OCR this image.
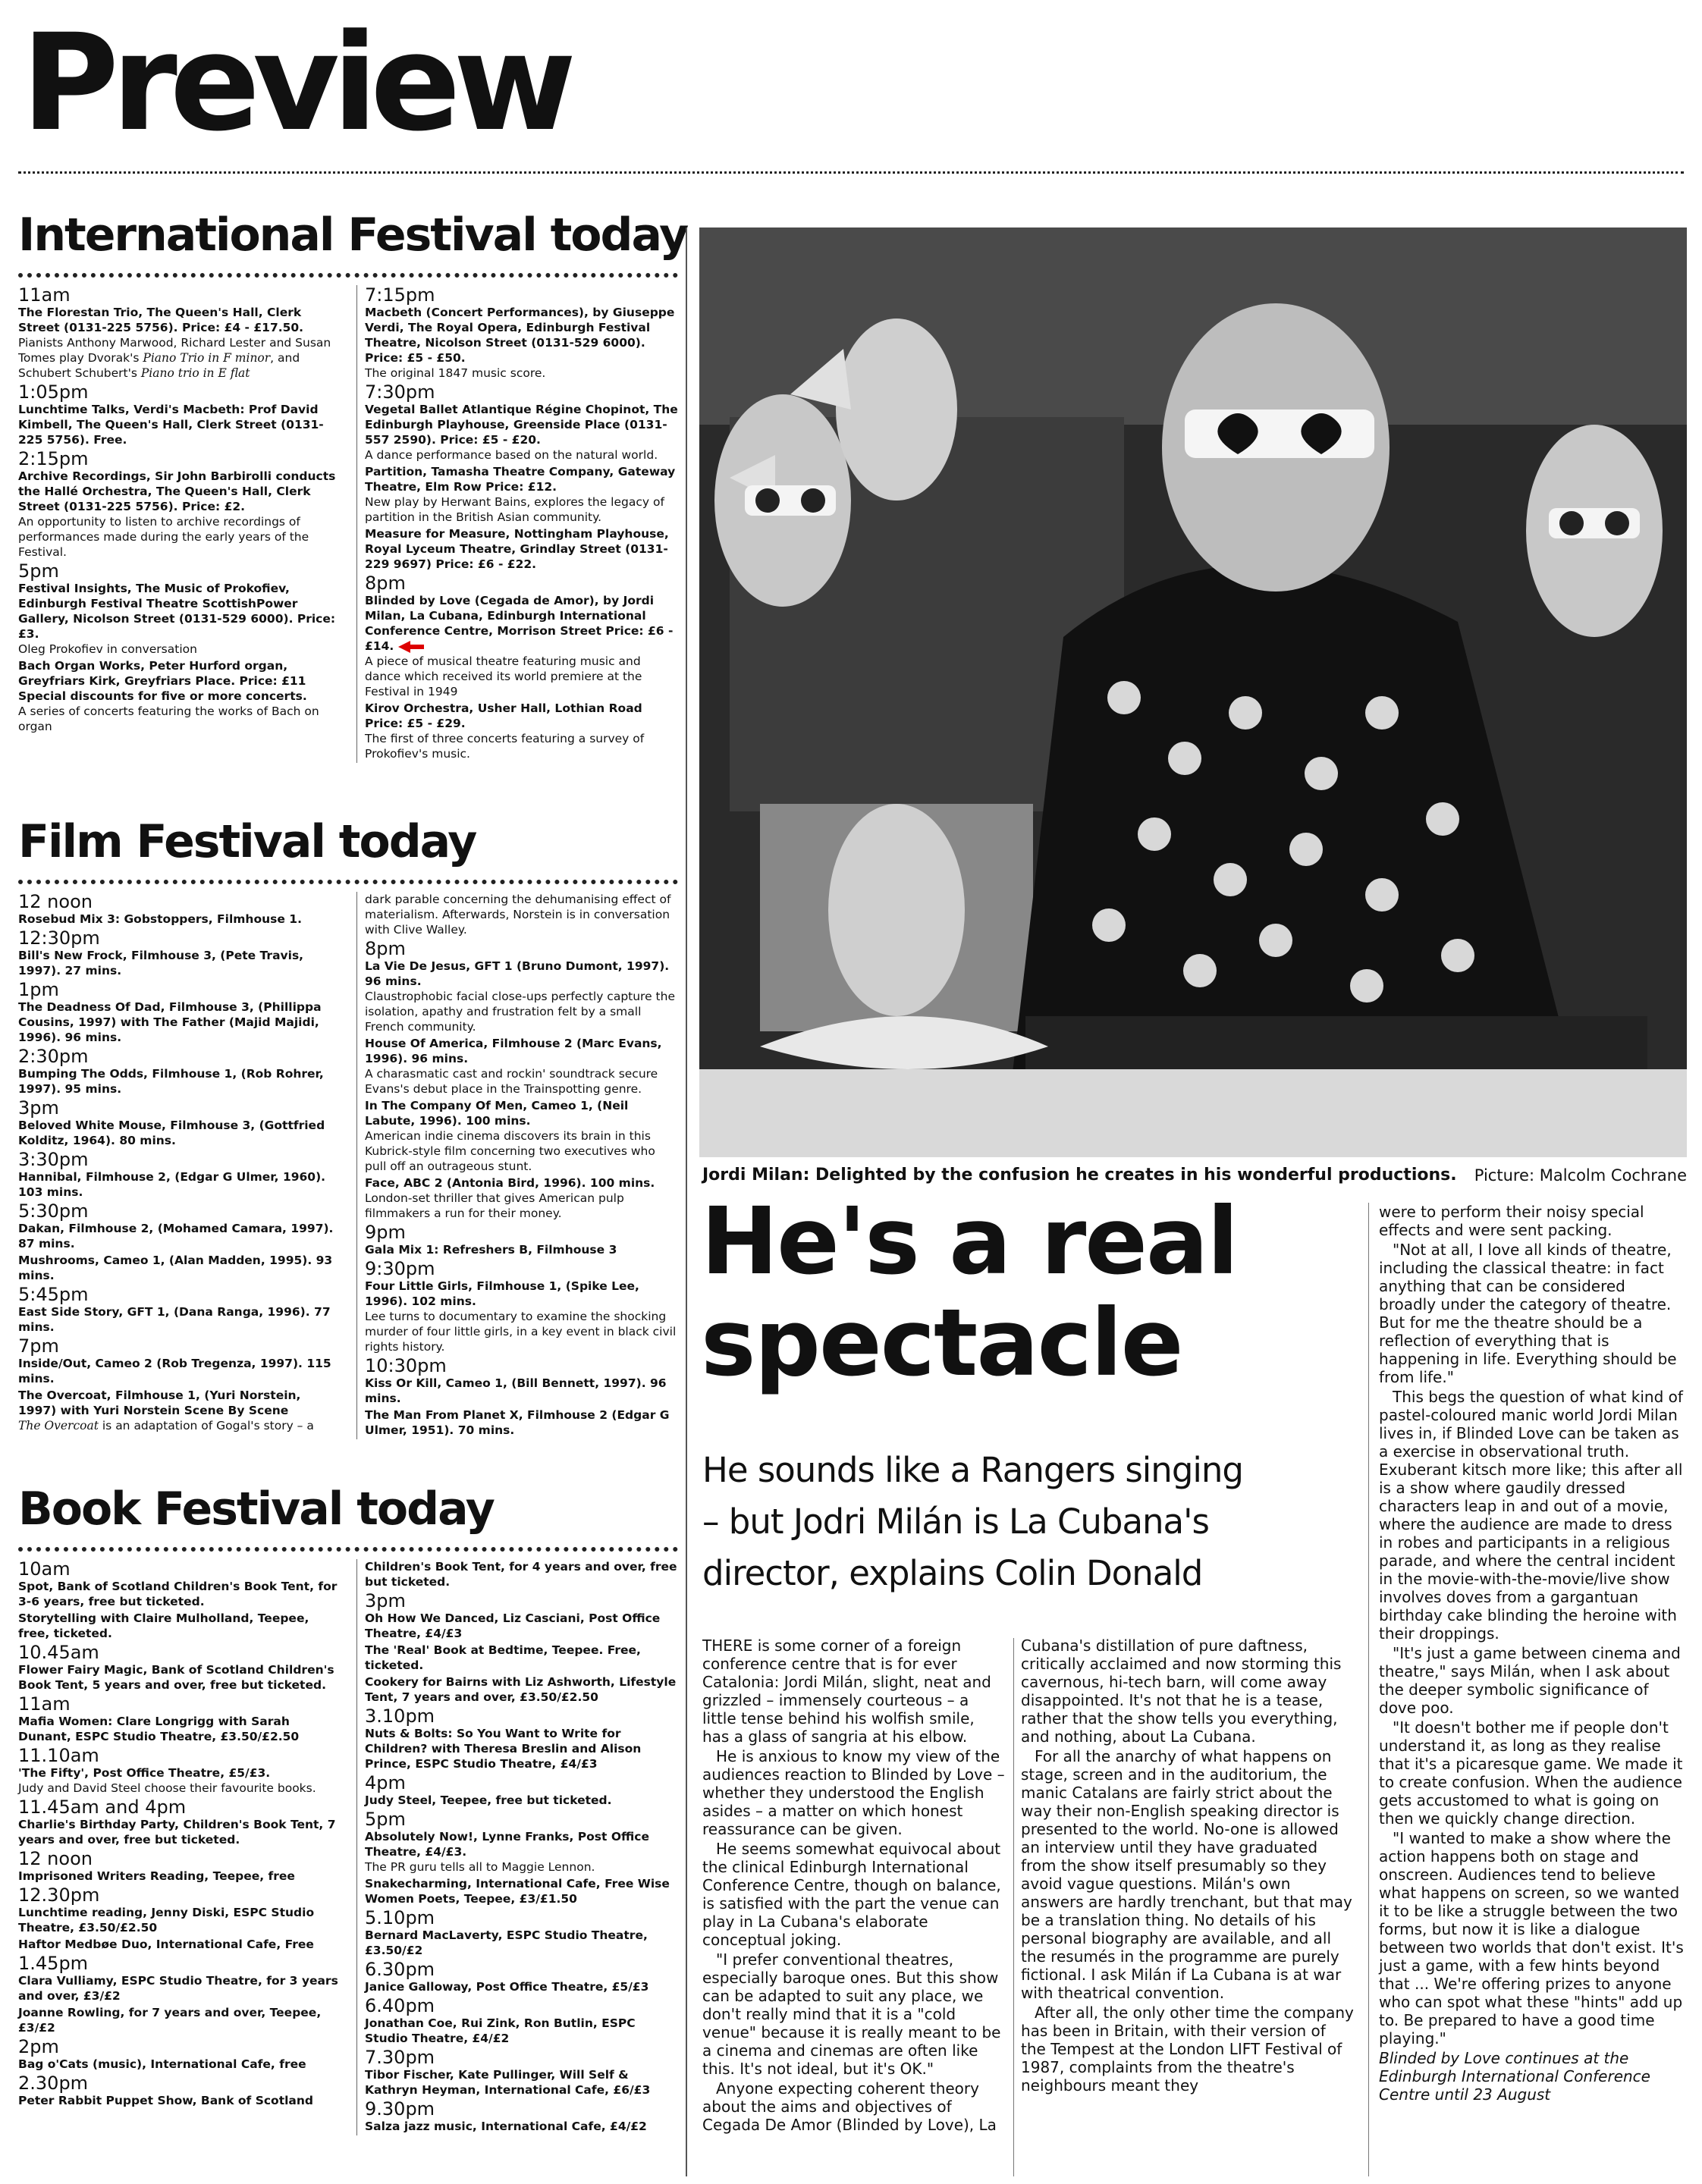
Preview
International Festival today
11am
The Florestan Trio, The Queen's Hall, Clerk Street (0131-225 5756). Price: £4 - £17.50.
Pianists Anthony Marwood, Richard Lester and Susan Tomes play Dvorak's Piano Trio in F minor, and Schubert Schubert's Piano trio in E flat
1:05pm
Lunchtime Talks, Verdi's Macbeth: Prof David Kimbell, The Queen's Hall, Clerk Street (0131-225 5756). Free.
2:15pm
Archive Recordings, Sir John Barbirolli conducts the Hallé Orchestra, The Queen's Hall, Clerk Street (0131-225 5756). Price: £2.
An opportunity to listen to archive recordings of performances made during the early years of the Festival.
5pm
Festival Insights, The Music of Prokofiev, Edinburgh Festival Theatre ScottishPower Gallery, Nicolson Street (0131-529 6000). Price: £3.
Oleg Prokofiev in conversation
Bach Organ Works, Peter Hurford organ, Greyfriars Kirk, Greyfriars Place. Price: £11 Special discounts for five or more concerts.
A series of concerts featuring the works of Bach on organ
7:15pm
Macbeth (Concert Performances), by Giuseppe Verdi, The Royal Opera, Edinburgh Festival Theatre, Nicolson Street (0131-529 6000). Price: £5 - £50.
The original 1847 music score.
7:30pm
Vegetal Ballet Atlantique Régine Chopinot, The Edinburgh Playhouse, Greenside Place (0131-557 2590). Price: £5 - £20.
A dance performance based on the natural world.
Partition, Tamasha Theatre Company, Gateway Theatre, Elm Row Price: £12.
New play by Herwant Bains, explores the legacy of partition in the British Asian community.
Measure for Measure, Nottingham Playhouse, Royal Lyceum Theatre, Grindlay Street (0131-229 9697) Price: £6 - £22.
8pm
Blinded by Love (Cegada de Amor), by Jordi Milan, La Cubana, Edinburgh International Conference Centre, Morrison Street Price: £6 - £14.
A piece of musical theatre featuring music and dance which received its world premiere at the Festival in 1949
Kirov Orchestra, Usher Hall, Lothian Road Price: £5 - £29.
The first of three concerts featuring a survey of Prokofiev's music.
Film Festival today
12 noon
Rosebud Mix 3: Gobstoppers, Filmhouse 1.
12:30pm
Bill's New Frock, Filmhouse 3, (Pete Travis, 1997). 27 mins.
1pm
The Deadness Of Dad, Filmhouse 3, (Phillippa Cousins, 1997) with The Father (Majid Majidi, 1996). 96 mins.
2:30pm
Bumping The Odds, Filmhouse 1, (Rob Rohrer, 1997). 95 mins.
3pm
Beloved White Mouse, Filmhouse 3, (Gottfried Kolditz, 1964). 80 mins.
3:30pm
Hannibal, Filmhouse 2, (Edgar G Ulmer, 1960). 103 mins.
5:30pm
Dakan, Filmhouse 2, (Mohamed Camara, 1997). 87 mins.
Mushrooms, Cameo 1, (Alan Madden, 1995). 93 mins.
5:45pm
East Side Story, GFT 1, (Dana Ranga, 1996). 77 mins.
7pm
Inside/Out, Cameo 2 (Rob Tregenza, 1997). 115 mins.
The Overcoat, Filmhouse 1, (Yuri Norstein, 1997) with Yuri Norstein Scene By Scene
The Overcoat is an adaptation of Gogal's story – a
dark parable concerning the dehumanising effect of materialism. Afterwards, Norstein is in conversation with Clive Walley.
8pm
La Vie De Jesus, GFT 1 (Bruno Dumont, 1997). 96 mins.
Claustrophobic facial close-ups perfectly capture the isolation, apathy and frustration felt by a small French community.
House Of America, Filmhouse 2 (Marc Evans, 1996). 96 mins.
A charasmatic cast and rockin' soundtrack secure Evans's debut place in the Trainspotting genre.
In The Company Of Men, Cameo 1, (Neil Labute, 1996). 100 mins.
American indie cinema discovers its brain in this Kubrick-style film concerning two executives who pull off an outrageous stunt.
Face, ABC 2 (Antonia Bird, 1996). 100 mins.
London-set thriller that gives American pulp filmmakers a run for their money.
9pm
Gala Mix 1: Refreshers B, Filmhouse 3
9:30pm
Four Little Girls, Filmhouse 1, (Spike Lee, 1996). 102 mins.
Lee turns to documentary to examine the shocking murder of four little girls, in a key event in black civil rights history.
10:30pm
Kiss Or Kill, Cameo 1, (Bill Bennett, 1997). 96 mins.
The Man From Planet X, Filmhouse 2 (Edgar G Ulmer, 1951). 70 mins.
Book Festival today
10am
Spot, Bank of Scotland Children's Book Tent, for 3-6 years, free but ticketed.
Storytelling with Claire Mulholland, Teepee, free, ticketed.
10.45am
Flower Fairy Magic, Bank of Scotland Children's Book Tent, 5 years and over, free but ticketed.
11am
Mafia Women: Clare Longrigg with Sarah Dunant, ESPC Studio Theatre, £3.50/£2.50
11.10am
'The Fifty', Post Office Theatre, £5/£3.
Judy and David Steel choose their favourite books.
11.45am and 4pm
Charlie's Birthday Party, Children's Book Tent, 7 years and over, free but ticketed.
12 noon
Imprisoned Writers Reading, Teepee, free
12.30pm
Lunchtime reading, Jenny Diski, ESPC Studio Theatre, £3.50/£2.50
Haftor Medbøe Duo, International Cafe, Free
1.45pm
Clara Vulliamy, ESPC Studio Theatre, for 3 years and over, £3/£2
Joanne Rowling, for 7 years and over, Teepee, £3/£2
2pm
Bag o'Cats (music), International Cafe, free
2.30pm
Peter Rabbit Puppet Show, Bank of Scotland
Children's Book Tent, for 4 years and over, free but ticketed.
3pm
Oh How We Danced, Liz Casciani, Post Office Theatre, £4/£3
The 'Real' Book at Bedtime, Teepee. Free, ticketed.
Cookery for Bairns with Liz Ashworth, Lifestyle Tent, 7 years and over, £3.50/£2.50
3.10pm
Nuts & Bolts: So You Want to Write for Children? with Theresa Breslin and Alison Prince, ESPC Studio Theatre, £4/£3
4pm
Judy Steel, Teepee, free but ticketed.
5pm
Absolutely Now!, Lynne Franks, Post Office Theatre, £4/£3.
The PR guru tells all to Maggie Lennon.
Snakecharming, International Cafe, Free Wise Women Poets, Teepee, £3/£1.50
5.10pm
Bernard MacLaverty, ESPC Studio Theatre, £3.50/£2
6.30pm
Janice Galloway, Post Office Theatre, £5/£3
6.40pm
Jonathan Coe, Rui Zink, Ron Butlin, ESPC Studio Theatre, £4/£2
7.30pm
Tibor Fischer, Kate Pullinger, Will Self & Kathryn Heyman, International Cafe, £6/£3
9.30pm
Salza jazz music, International Cafe, £4/£2
Jordi Milan: Delighted by the confusion he creates in his wonderful productions. Picture: Malcolm Cochrane
He's a real
spectacle
He sounds like a Rangers singing
– but Jodri Milán is La Cubana's
director, explains Colin Donald

THERE is some corner of a foreign conference centre that is for ever Catalonia: Jordi Milán, slight, neat and grizzled – immensely courteous – a little tense behind his wolfish smile, has a glass of sangria at his elbow.

He is anxious to know my view of the audiences reaction to Blinded by Love – whether they understood the English asides – a matter on which honest reassurance can be given.

He seems somewhat equivocal about the clinical Edinburgh International Conference Centre, though on balance, is satisfied with the part the venue can play in La Cubana's elaborate conceptual joking.

"I prefer conventional theatres, especially baroque ones. But this show can be adapted to suit any place, we don't really mind that it is a "cold venue" because it is really meant to be a cinema and cinemas are often like this. It's not ideal, but it's OK."

Anyone expecting coherent theory about the aims and objectives of Cegada De Amor (Blinded by Love), La

Cubana's distillation of pure daftness, critically acclaimed and now storming this cavernous, hi-tech barn, will come away disappointed. It's not that he is a tease, rather that the show tells you everything, and nothing, about La Cubana.

For all the anarchy of what happens on stage, screen and in the auditorium, the manic Catalans are fairly strict about the way their non-English speaking director is presented to the world. No-one is allowed an interview until they have graduated from the show itself presumably so they avoid vague questions. Milán's own answers are hardly trenchant, but that may be a translation thing. No details of his personal biography are available, and all the resumés in the programme are purely fictional. I ask Milán if La Cubana is at war with theatrical convention.

After all, the only other time the company has been in Britain, with their version of the Tempest at the London LIFT Festival of 1987, complaints from the theatre's neighbours meant they

were to perform their noisy special effects and were sent packing.

"Not at all, I love all kinds of theatre, including the classical theatre: in fact anything that can be considered broadly under the category of theatre. But for me the theatre should be a reflection of everything that is happening in life. Everything should be from life."

This begs the question of what kind of pastel-coloured manic world Jordi Milan lives in, if Blinded Love can be taken as a exercise in observational truth. Exuberant kitsch more like; this after all is a show where gaudily dressed characters leap in and out of a movie, where the audience are made to dress in robes and participants in a religious parade, and where the central incident in the movie-with-the-movie/live show involves doves from a gargantuan birthday cake blinding the heroine with their droppings.

"It's just a game between cinema and theatre," says Milán, when I ask about the deeper symbolic significance of dove poo.

"It doesn't bother me if people don't understand it, as long as they realise that it's a picaresque game. We made it to create confusion. When the audience gets accustomed to what is going on then we quickly change direction.

"I wanted to make a show where the action happens both on stage and onscreen. Audiences tend to believe what happens on screen, so we wanted it to be like a struggle between the two forms, but now it is like a dialogue between two worlds that don't exist. It's just a game, with a few hints beyond that ... We're offering prizes to anyone who can spot what these "hints" add up to. Be prepared to have a good time playing."

Blinded by Love continues at the Edinburgh International Conference Centre until 23 August
